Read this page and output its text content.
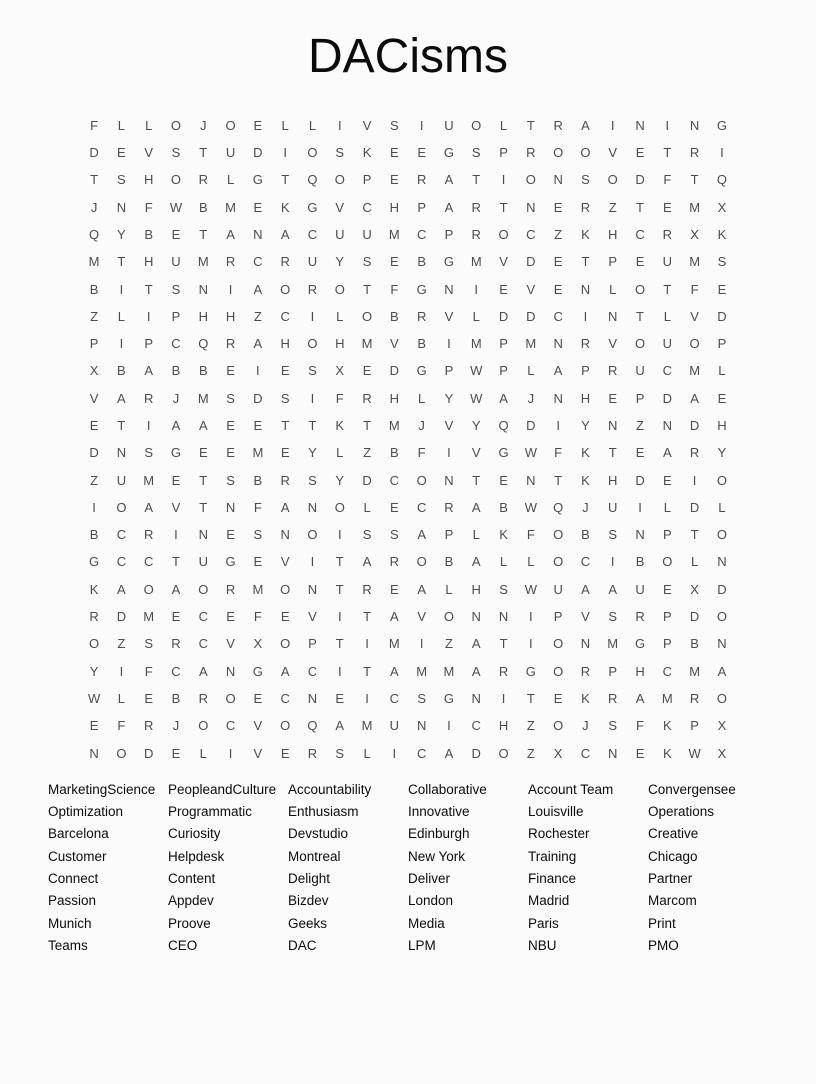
DACisms
F	L	L	O	J	O	E	L	L	I	V	S	I	U	O	L	T	R	A	I	N	I	N	G
D	E	V	S	T	U	D	I	O	S	K	E	E	G	S	P	R	O	O	V	E	T	R	I
T	S	H	O	R	L	G	T	Q	O	P	E	R	A	T	I	O	N	S	O	D	F	T	Q
J	N	F	W	B	M	E	K	G	V	C	H	P	A	R	T	N	E	R	Z	T	E	M	X
Q	Y	B	E	T	A	N	A	C	U	U	M	C	P	R	O	C	Z	K	H	C	R	X	K
M	T	H	U	M	R	C	R	U	Y	S	E	B	G	M	V	D	E	T	P	E	U	M	S
B	I	T	S	N	I	A	O	R	O	T	F	G	N	I	E	V	E	N	L	O	T	F	E
Z	L	I	P	H	H	Z	C	I	L	O	B	R	V	L	D	D	C	I	N	T	L	V	D
P	I	P	C	Q	R	A	H	O	H	M	V	B	I	M	P	M	N	R	V	O	U	O	P
X	B	A	B	B	E	I	E	S	X	E	D	G	P	W	P	L	A	P	R	U	C	M	L
V	A	R	J	M	S	D	S	I	F	R	H	L	Y	W	A	J	N	H	E	P	D	A	E
E	T	I	A	A	E	E	T	T	K	T	M	J	V	Y	Q	D	I	Y	N	Z	N	D	H
D	N	S	G	E	E	M	E	Y	L	Z	B	F	I	V	G	W	F	K	T	E	A	R	Y
Z	U	M	E	T	S	B	R	S	Y	D	C	O	N	T	E	N	T	K	H	D	E	I	O
I	O	A	V	T	N	F	A	N	O	L	E	C	R	A	B	W	Q	J	U	I	L	D	L
B	C	R	I	N	E	S	N	O	I	S	S	A	P	L	K	F	O	B	S	N	P	T	O
G	C	C	T	U	G	E	V	I	T	A	R	O	B	A	L	L	O	C	I	B	O	L	N
K	A	O	A	O	R	M	O	N	T	R	E	A	L	H	S	W	U	A	A	U	E	X	D
R	D	M	E	C	E	F	E	V	I	T	A	V	O	N	N	I	P	V	S	R	P	D	O
O	Z	S	R	C	V	X	O	P	T	I	M	I	Z	A	T	I	O	N	M	G	P	B	N
Y	I	F	C	A	N	G	A	C	I	T	A	M	M	A	R	G	O	R	P	H	C	M	A
W	L	E	B	R	O	E	C	N	E	I	C	S	G	N	I	T	E	K	R	A	M	R	O
E	F	R	J	O	C	V	O	Q	A	M	U	N	I	C	H	Z	O	J	S	F	K	P	X
N	O	D	E	L	I	V	E	R	S	L	I	C	A	D	O	Z	X	C	N	E	K	W	X
MarketingScience
Optimization
Barcelona
Customer
Connect
Passion
Munich
Teams
PeopleandCulture
Programmatic
Curiosity
Helpdesk
Content
Appdev
Proove
CEO
Accountability
Enthusiasm
Devstudio
Montreal
Delight
Bizdev
Geeks
DAC
Collaborative
Innovative
Edinburgh
New York
Deliver
London
Media
LPM
Account Team
Louisville
Rochester
Training
Finance
Madrid
Paris
NBU
Convergensee
Operations
Creative
Chicago
Partner
Marcom
Print
PMO
